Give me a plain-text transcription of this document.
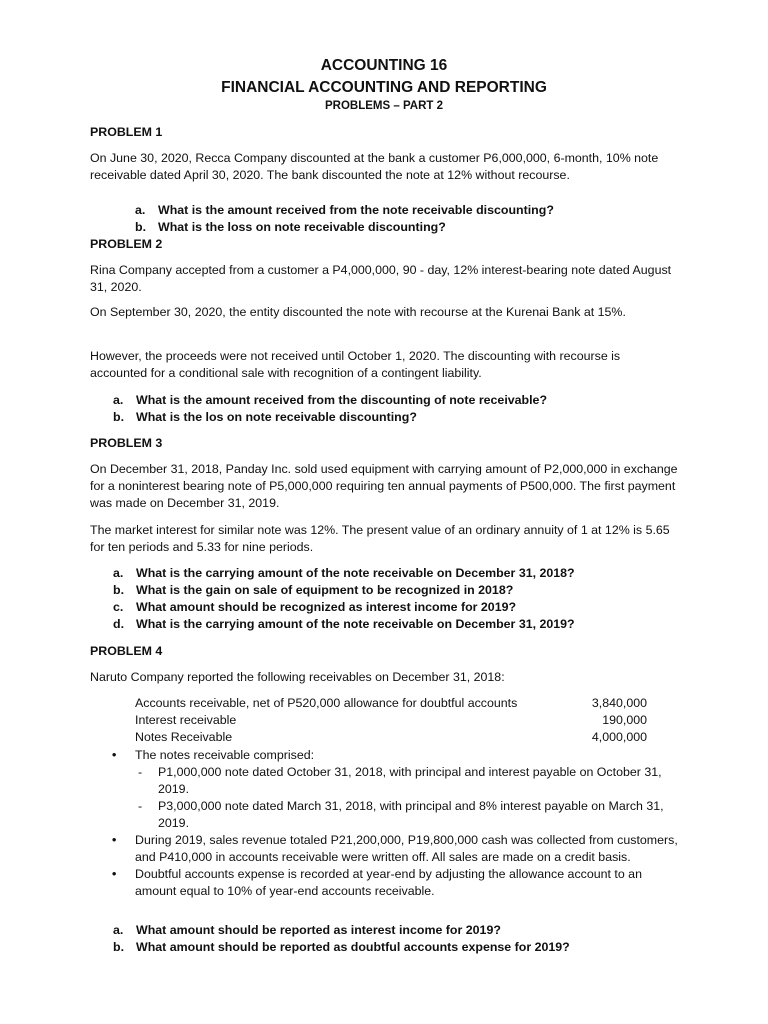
ACCOUNTING 16
FINANCIAL ACCOUNTING AND REPORTING
PROBLEMS – PART 2
PROBLEM 1

On June 30, 2020, Recca Company discounted at the bank a customer P6,000,000, 6-month, 10% note receivable dated April 30, 2020. The bank discounted the note at 12% without recourse.

a. What is the amount received from the note receivable discounting?
b. What is the loss on note receivable discounting?
PROBLEM 2

Rina Company accepted from a customer a P4,000,000, 90 - day, 12% interest-bearing note dated August 31, 2020.

On September 30, 2020, the entity discounted the note with recourse at the Kurenai Bank at 15%.

However, the proceeds were not received until October 1, 2020. The discounting with recourse is accounted for a conditional sale with recognition of a contingent liability.

a. What is the amount received from the discounting of note receivable?
b. What is the los on note receivable discounting?
PROBLEM 3

On December 31, 2018, Panday Inc. sold used equipment with carrying amount of P2,000,000 in exchange for a noninterest bearing note of P5,000,000 requiring ten annual payments of P500,000. The first payment was made on December 31, 2019.

The market interest for similar note was 12%. The present value of an ordinary annuity of 1 at 12% is 5.65 for ten periods and 5.33 for nine periods.

a. What is the carrying amount of the note receivable on December 31, 2018?
b. What is the gain on sale of equipment to be recognized in 2018?
c. What amount should be recognized as interest income for 2019?
d. What is the carrying amount of the note receivable on December 31, 2019?
PROBLEM 4

Naruto Company reported the following receivables on December 31, 2018:

Accounts receivable, net of P520,000 allowance for doubtful accounts	3,840,000
Interest receivable	190,000
Notes Receivable	4,000,000
• The notes receivable comprised:
- P1,000,000 note dated October 31, 2018, with principal and interest payable on October 31, 2019.
- P3,000,000 note dated March 31, 2018, with principal and 8% interest payable on March 31, 2019.
• During 2019, sales revenue totaled P21,200,000, P19,800,000 cash was collected from customers, and P410,000 in accounts receivable were written off. All sales are made on a credit basis.
• Doubtful accounts expense is recorded at year-end by adjusting the allowance account to an amount equal to 10% of year-end accounts receivable.
a. What amount should be reported as interest income for 2019?
b. What amount should be reported as doubtful accounts expense for 2019?
